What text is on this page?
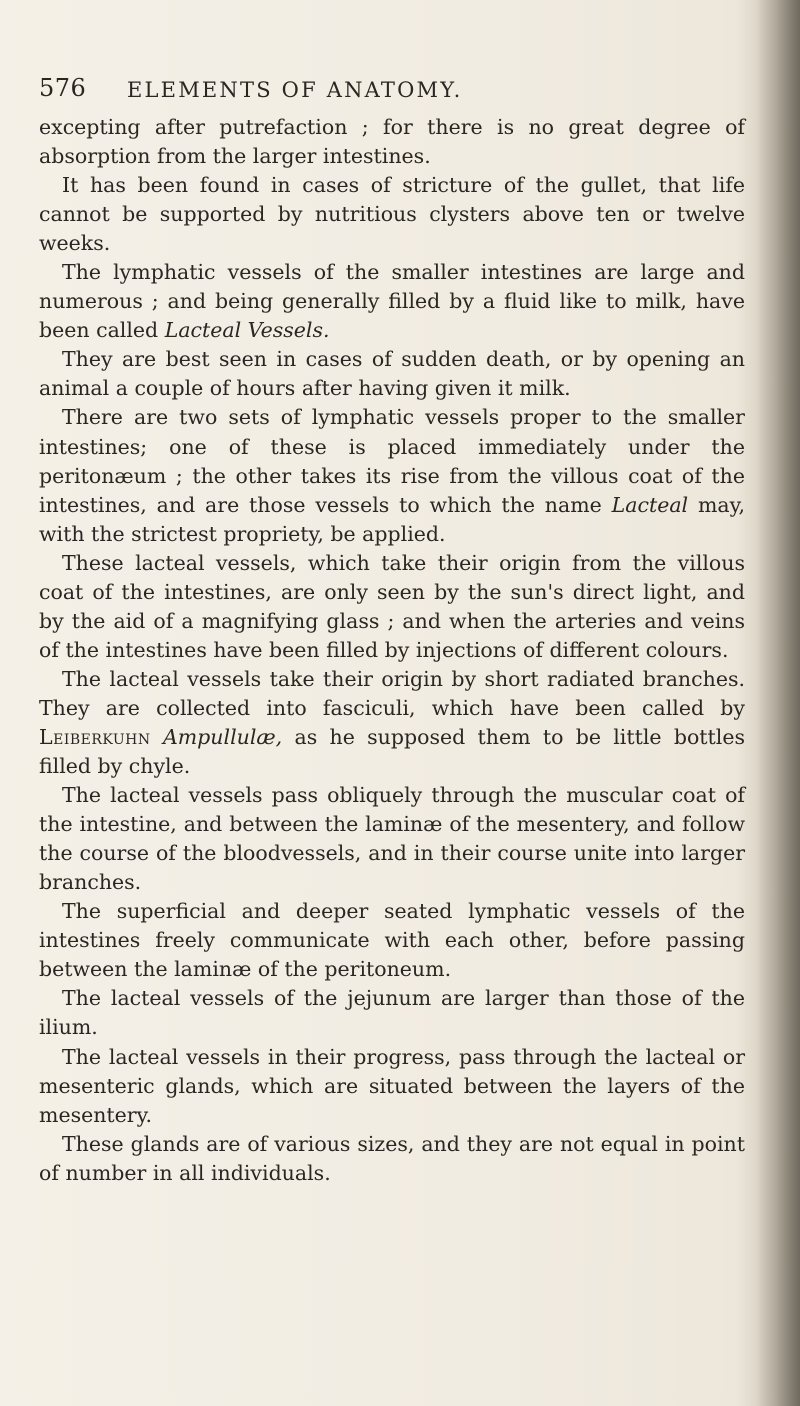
576 ELEMENTS OF ANATOMY.

excepting after putrefaction ; for there is no great degree of absorption from the larger intestines.

It has been found in cases of stricture of the gullet, that life cannot be supported by nutritious clysters above ten or twelve weeks.

The lymphatic vessels of the smaller intestines are large and numerous ; and being generally filled by a fluid like to milk, have been called Lacteal Vessels.

They are best seen in cases of sudden death, or by opening an animal a couple of hours after having given it milk.

There are two sets of lymphatic vessels proper to the smaller intestines; one of these is placed immediately under the peritonæum ; the other takes its rise from the villous coat of the intestines, and are those vessels to which the name Lacteal may, with the strictest propriety, be applied.

These lacteal vessels, which take their origin from the villous coat of the intestines, are only seen by the sun's direct light, and by the aid of a magnifying glass ; and when the arteries and veins of the intestines have been filled by injections of different colours.

The lacteal vessels take their origin by short radiated branches. They are collected into fasciculi, which have been called by Leiberkuhn Ampullulæ, as he supposed them to be little bottles filled by chyle.

The lacteal vessels pass obliquely through the muscular coat of the intestine, and between the laminæ of the mesentery, and follow the course of the bloodvessels, and in their course unite into larger branches.

The superficial and deeper seated lymphatic vessels of the intestines freely communicate with each other, before passing between the laminæ of the peritoneum.

The lacteal vessels of the jejunum are larger than those of the ilium.

The lacteal vessels in their progress, pass through the lacteal or mesenteric glands, which are situated between the layers of the mesentery.

These glands are of various sizes, and they are not equal in point of number in all individuals.
